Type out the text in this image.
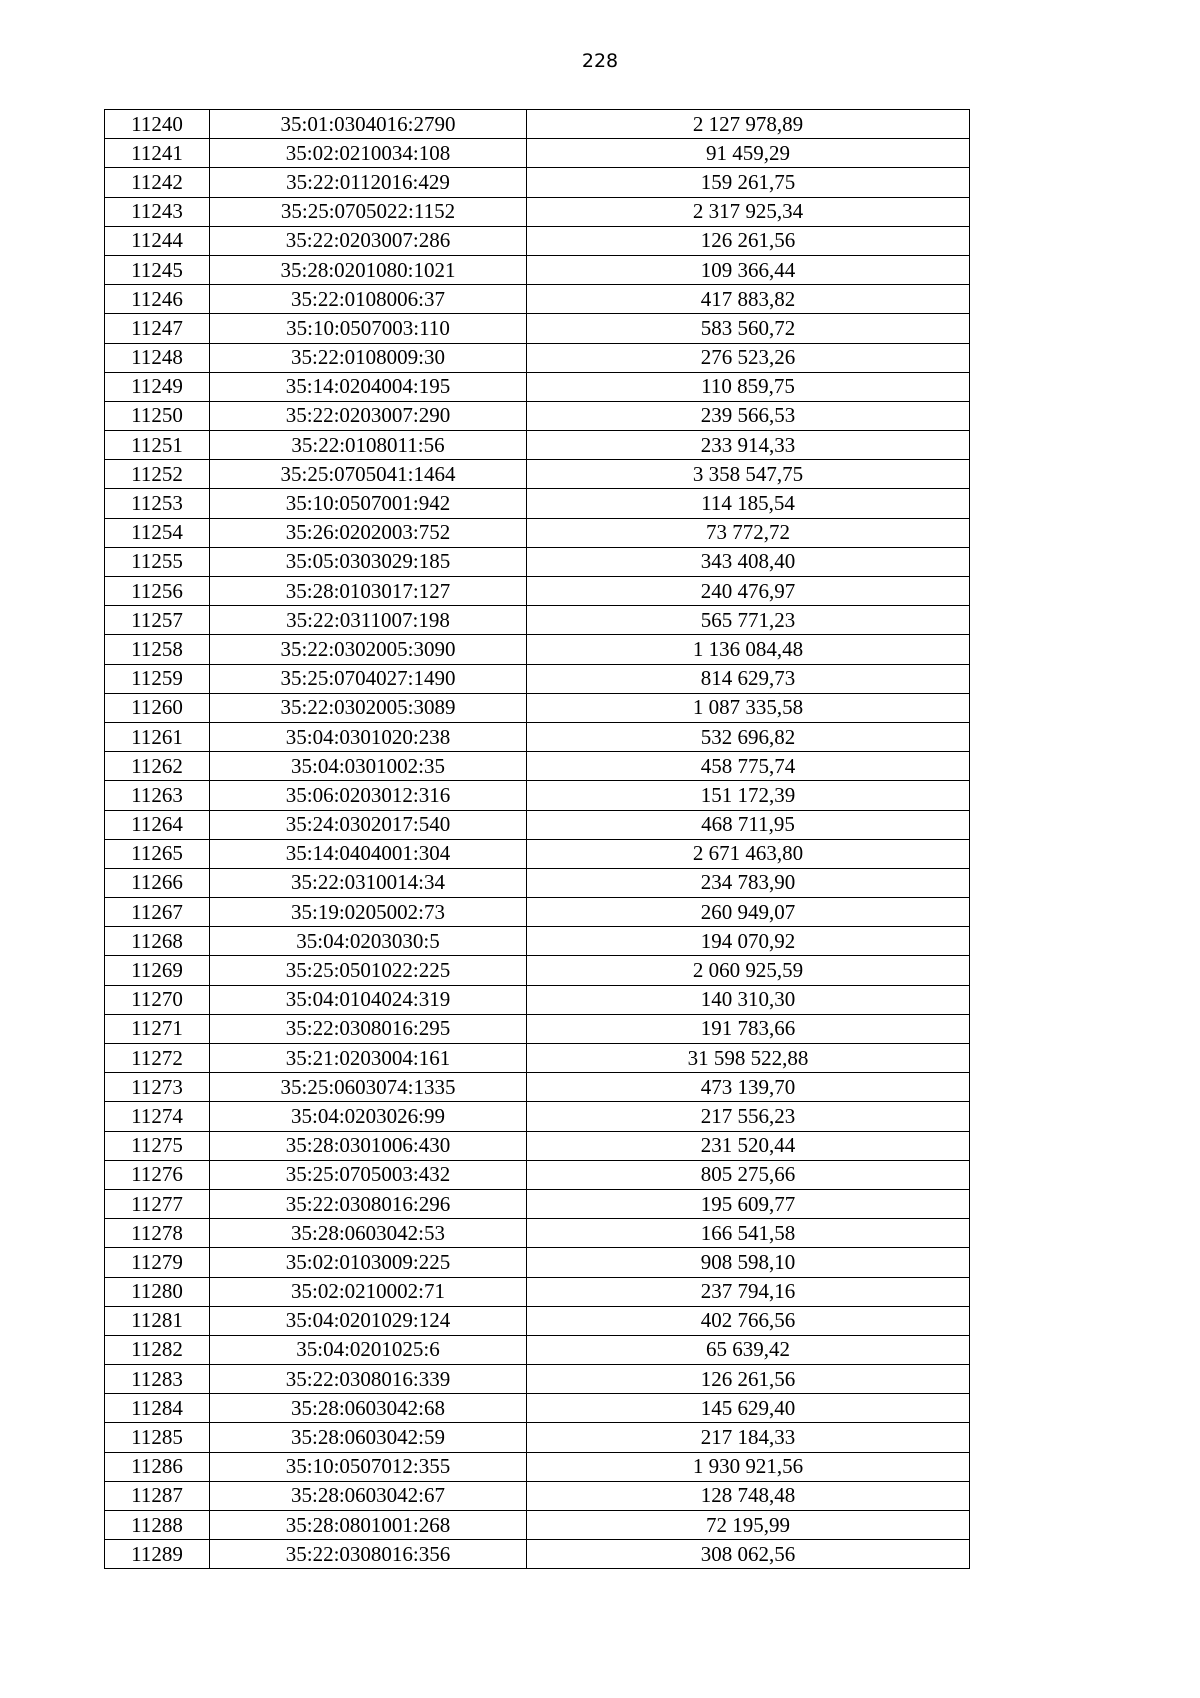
228
11240	35:01:0304016:2790	2 127 978,89
11241	35:02:0210034:108	91 459,29
11242	35:22:0112016:429	159 261,75
11243	35:25:0705022:1152	2 317 925,34
11244	35:22:0203007:286	126 261,56
11245	35:28:0201080:1021	109 366,44
11246	35:22:0108006:37	417 883,82
11247	35:10:0507003:110	583 560,72
11248	35:22:0108009:30	276 523,26
11249	35:14:0204004:195	110 859,75
11250	35:22:0203007:290	239 566,53
11251	35:22:0108011:56	233 914,33
11252	35:25:0705041:1464	3 358 547,75
11253	35:10:0507001:942	114 185,54
11254	35:26:0202003:752	73 772,72
11255	35:05:0303029:185	343 408,40
11256	35:28:0103017:127	240 476,97
11257	35:22:0311007:198	565 771,23
11258	35:22:0302005:3090	1 136 084,48
11259	35:25:0704027:1490	814 629,73
11260	35:22:0302005:3089	1 087 335,58
11261	35:04:0301020:238	532 696,82
11262	35:04:0301002:35	458 775,74
11263	35:06:0203012:316	151 172,39
11264	35:24:0302017:540	468 711,95
11265	35:14:0404001:304	2 671 463,80
11266	35:22:0310014:34	234 783,90
11267	35:19:0205002:73	260 949,07
11268	35:04:0203030:5	194 070,92
11269	35:25:0501022:225	2 060 925,59
11270	35:04:0104024:319	140 310,30
11271	35:22:0308016:295	191 783,66
11272	35:21:0203004:161	31 598 522,88
11273	35:25:0603074:1335	473 139,70
11274	35:04:0203026:99	217 556,23
11275	35:28:0301006:430	231 520,44
11276	35:25:0705003:432	805 275,66
11277	35:22:0308016:296	195 609,77
11278	35:28:0603042:53	166 541,58
11279	35:02:0103009:225	908 598,10
11280	35:02:0210002:71	237 794,16
11281	35:04:0201029:124	402 766,56
11282	35:04:0201025:6	65 639,42
11283	35:22:0308016:339	126 261,56
11284	35:28:0603042:68	145 629,40
11285	35:28:0603042:59	217 184,33
11286	35:10:0507012:355	1 930 921,56
11287	35:28:0603042:67	128 748,48
11288	35:28:0801001:268	72 195,99
11289	35:22:0308016:356	308 062,56
